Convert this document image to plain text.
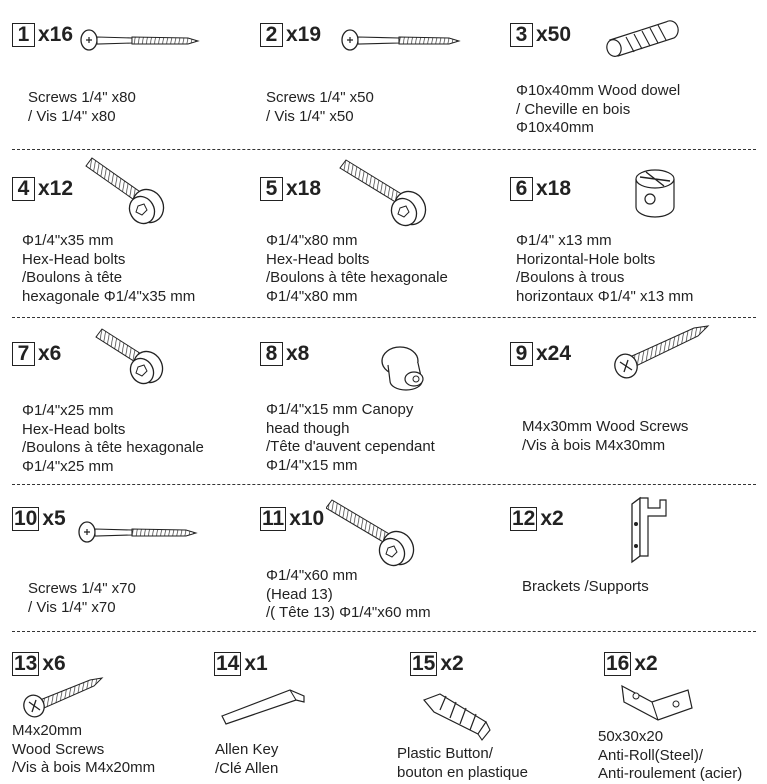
1 x16
Screws 1/4" x80
/ Vis 1/4" x80
2 x19
Screws 1/4" x50
/ Vis 1/4" x50
3 x50
Φ10x40mm Wood dowel
/ Cheville en bois
Φ10x40mm
4 x12
Φ1/4"x35 mm
Hex-Head bolts
/Boulons à tête
hexagonale Φ1/4"x35 mm
5 x18
Φ1/4"x80 mm
Hex-Head bolts
/Boulons à tête hexagonale
Φ1/4"x80 mm
6 x18
Φ1/4" x13 mm
Horizontal-Hole bolts
/Boulons à trous
horizontaux Φ1/4" x13 mm
7 x6
Φ1/4"x25 mm
Hex-Head bolts
/Boulons à tête hexagonale
Φ1/4"x25 mm
8 x8
Φ1/4"x15 mm Canopy
head though
/Tête d'auvent cependant
Φ1/4"x15 mm
9 x24
M4x30mm Wood Screws
/Vis à bois M4x30mm
10 x5
Screws 1/4" x70
/ Vis 1/4" x70
11 x10
Φ1/4"x60 mm
(Head 13)
/( Tête 13) Φ1/4"x60 mm
12 x2
Brackets /Supports
13 x6
M4x20mm
Wood Screws
/Vis à bois M4x20mm
14 x1
Allen Key
/Clé Allen
15 x2
Plastic Button/
bouton en plastique
16 x2
50x30x20
Anti-Roll(Steel)/
Anti-roulement (acier)
